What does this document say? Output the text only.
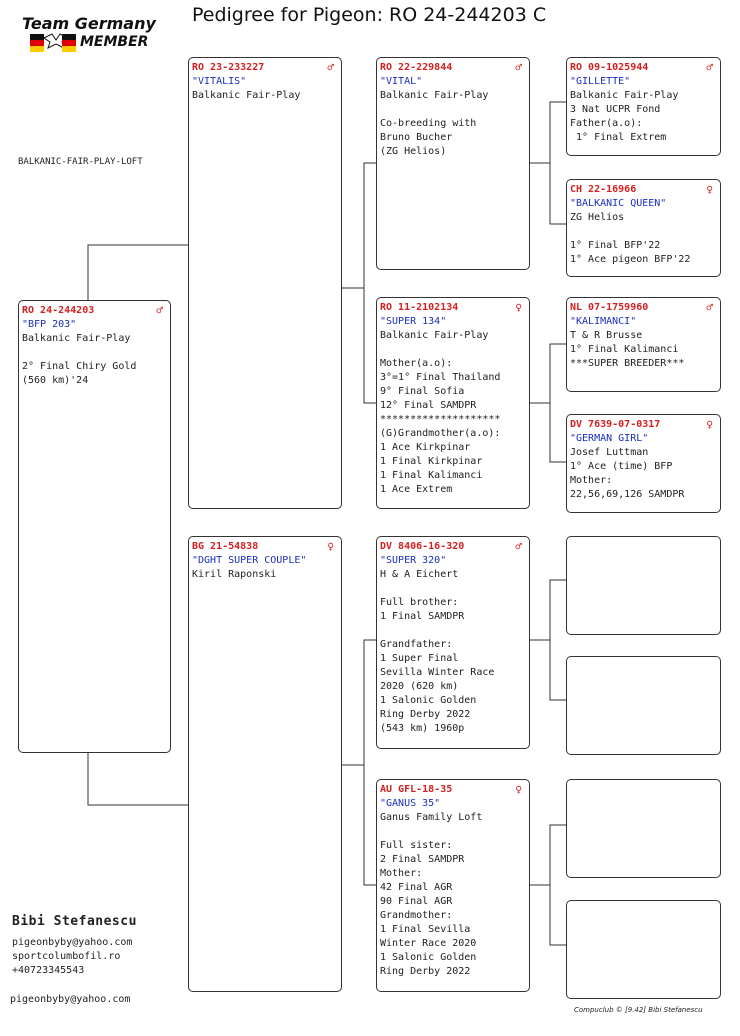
Team Germany
MEMBER
Pedigree for Pigeon: RO 24-244203 C
BALKANIC-FAIR-PLAY-LOFT
RO 24-244203	♂
"BFP 203"
Balkanic Fair-Play
2° Final Chiry Gold
(560 km)'24
RO 23-233227	♂
"VITALIS"
Balkanic Fair-Play
BG 21-54838	♀
"DGHT SUPER COUPLE"
Kiril Raponski
RO 22-229844	♂
"VITAL"
Balkanic Fair-Play
Co-breeding with
Bruno Bucher
(ZG Helios)
RO 11-2102134	♀
"SUPER 134"
Balkanic Fair-Play
Mother(a.o):
3°=1° Final Thailand
9° Final Sofia
12° Final SAMDPR
********************
(G)Grandmother(a.o):
1 Ace Kirkpinar
1 Final Kirkpinar
1 Final Kalimanci
1 Ace Extrem
DV 8406-16-320	♂
"SUPER 320"
H & A Eichert
Full brother:
1 Final SAMDPR
Grandfather:
1 Super Final
Sevilla Winter Race
2020 (620 km)
1 Salonic Golden
Ring Derby 2022
(543 km) 1960p
AU GFL-18-35	♀
"GANUS 35"
Ganus Family Loft
Full sister:
2 Final SAMDPR
Mother:
42 Final AGR
90 Final AGR
Grandmother:
1 Final Sevilla
Winter Race 2020
1 Salonic Golden
Ring Derby 2022
RO 09-1025944	♂
"GILLETTE"
Balkanic Fair-Play
3 Nat UCPR Fond
Father(a.o):
1° Final Extrem
CH 22-16966	♀
"BALKANIC QUEEN"
ZG Helios
1° Final BFP'22
1° Ace pigeon BFP'22
NL 07-1759960	♂
"KALIMANCI"
T & R Brusse
1° Final Kalimanci
***SUPER BREEDER***
DV 7639-07-0317	♀
"GERMAN GIRL"
Josef Luttman
1° Ace (time) BFP
Mother:
22,56,69,126 SAMDPR
Bibi Stefanescu
pigeonbyby@yahoo.com
sportcolumbofil.ro
+40723345543
pigeonbyby@yahoo.com
Compuclub © [9.42] Bibi Stefanescu
